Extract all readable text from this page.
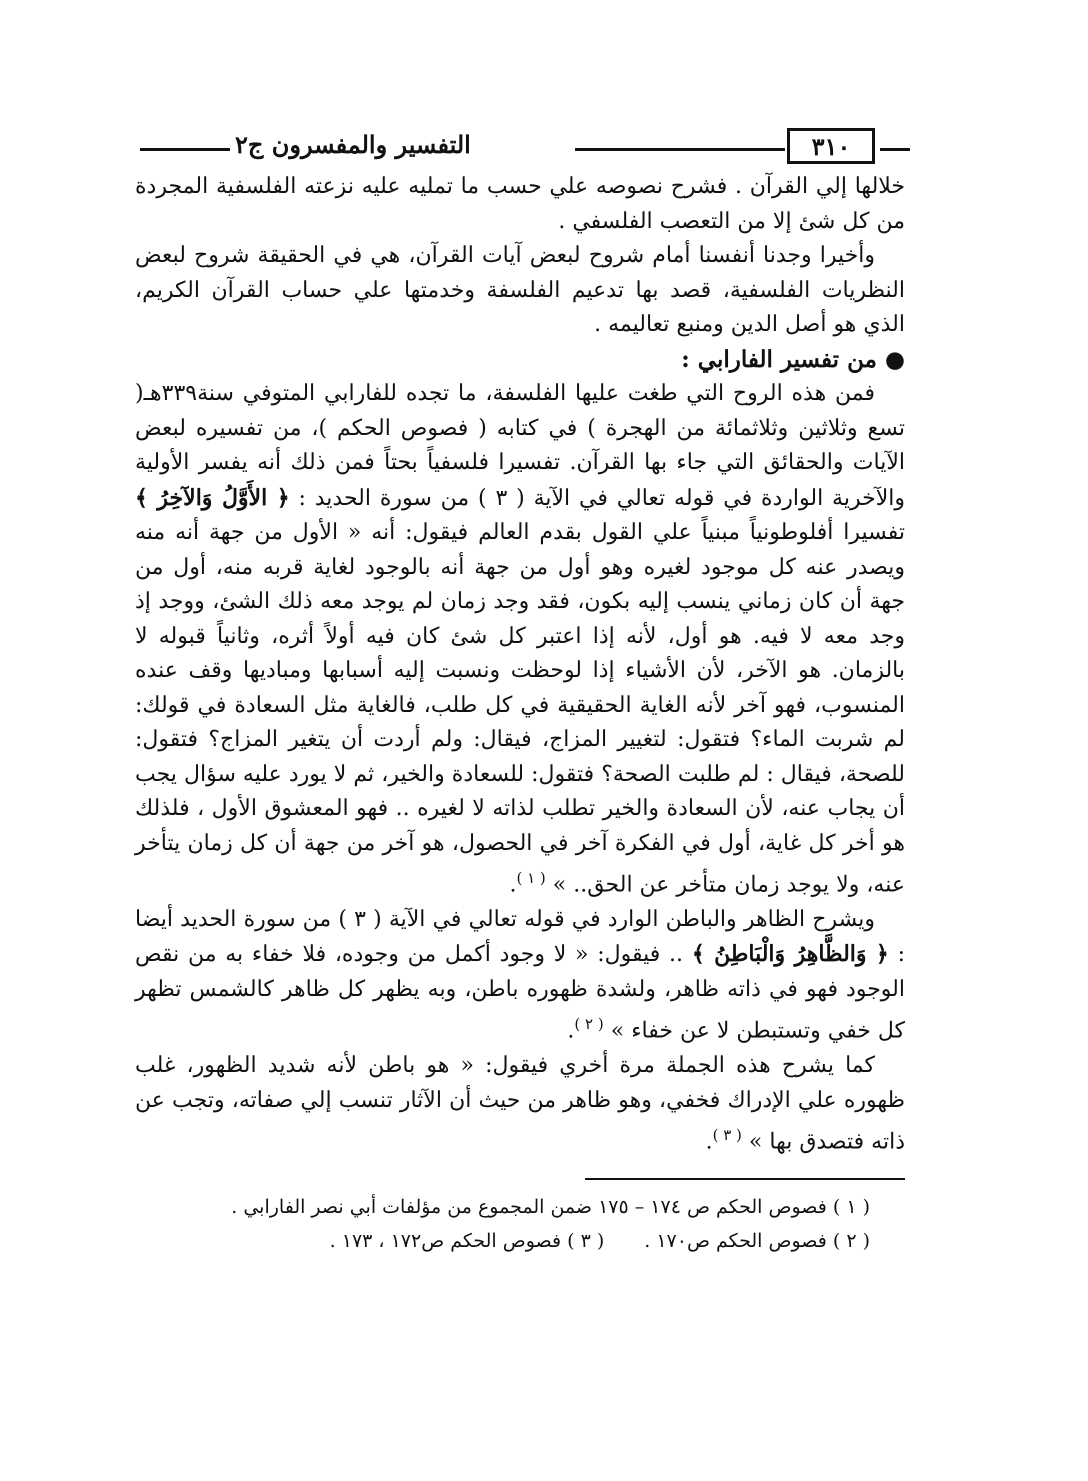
التفسير والمفسرون ج٢	٣١٠

خلالها إلي القرآن . فشرح نصوصه علي حسب ما تمليه عليه نزعته الفلسفية المجردة من كل شئ إلا من التعصب الفلسفي .

وأخيرا وجدنا أنفسنا أمام شروح لبعض آيات القرآن، هي في الحقيقة شروح لبعض النظريات الفلسفية، قصد بها تدعيم الفلسفة وخدمتها علي حساب القرآن الكريم، الذي هو أصل الدين ومنبع تعاليمه .

●من تفسير الفارابي :

فمن هذه الروح التي طغت عليها الفلسفة، ما تجده للفارابي المتوفي سنة٣٣٩هـ( تسع وثلاثين وثلاثمائة من الهجرة ) في كتابه ( فصوص الحكم )، من تفسيره لبعض الآيات والحقائق التي جاء بها القرآن. تفسيرا فلسفياً بحتاً فمن ذلك أنه يفسر الأولية والآخرية الواردة في قوله تعالي في الآية ( ٣ ) من سورة الحديد : ﴿ الأَوَّلُ وَالآخِرُ ﴾ تفسيرا أفلوطونياً مبنياً علي القول بقدم العالم فيقول: أنه « الأول من جهة أنه منه ويصدر عنه كل موجود لغيره وهو أول من جهة أنه بالوجود لغاية قربه منه، أول من جهة أن كان زماني ينسب إليه بكون، فقد وجد زمان لم يوجد معه ذلك الشئ، ووجد إذ وجد معه لا فيه. هو أول، لأنه إذا اعتبر كل شئ كان فيه أولاً أثره، وثانياً قبوله لا بالزمان. هو الآخر، لأن الأشياء إذا لوحظت ونسبت إليه أسبابها ومباديها وقف عنده المنسوب، فهو آخر لأنه الغاية الحقيقية في كل طلب، فالغاية مثل السعادة في قولك: لم شربت الماء؟ فتقول: لتغيير المزاج، فيقال: ولم أردت أن يتغير المزاج؟ فتقول: للصحة، فيقال : لم طلبت الصحة؟ فتقول: للسعادة والخير، ثم لا يورد عليه سؤال يجب أن يجاب عنه، لأن السعادة والخير تطلب لذاته لا لغيره .. فهو المعشوق الأول ، فلذلك هو أخر كل غاية، أول في الفكرة آخر في الحصول، هو آخر من جهة أن كل زمان يتأخر عنه، ولا يوجد زمان متأخر عن الحق.. » $^{( ١ )}$.

ويشرح الظاهر والباطن الوارد في قوله تعالي في الآية ( ٣ ) من سورة الحديد أيضا : ﴿ وَالظَّاهِرُ وَالْبَاطِنُ ﴾ .. فيقول: « لا وجود أكمل من وجوده، فلا خفاء به من نقص الوجود فهو في ذاته ظاهر، ولشدة ظهوره باطن، وبه يظهر كل ظاهر كالشمس تظهر كل خفي وتستبطن لا عن خفاء » $^{( ٢ )}$.

كما يشرح هذه الجملة مرة أخري فيقول: « هو باطن لأنه شديد الظهور، غلب ظهوره علي الإدراك فخفي، وهو ظاهر من حيث أن الآثار تنسب إلي صفاته، وتجب عن ذاته فتصدق بها » $^{( ٣ )}$.

( ١ ) فصوص الحكم ص ١٧٤ – ١٧٥ ضمن المجموع من مؤلفات أبي نصر الفارابي .
( ٢ ) فصوص الحكم ص١٧٠ .
( ٣ ) فصوص الحكم ص١٧٢ ، ١٧٣ .
